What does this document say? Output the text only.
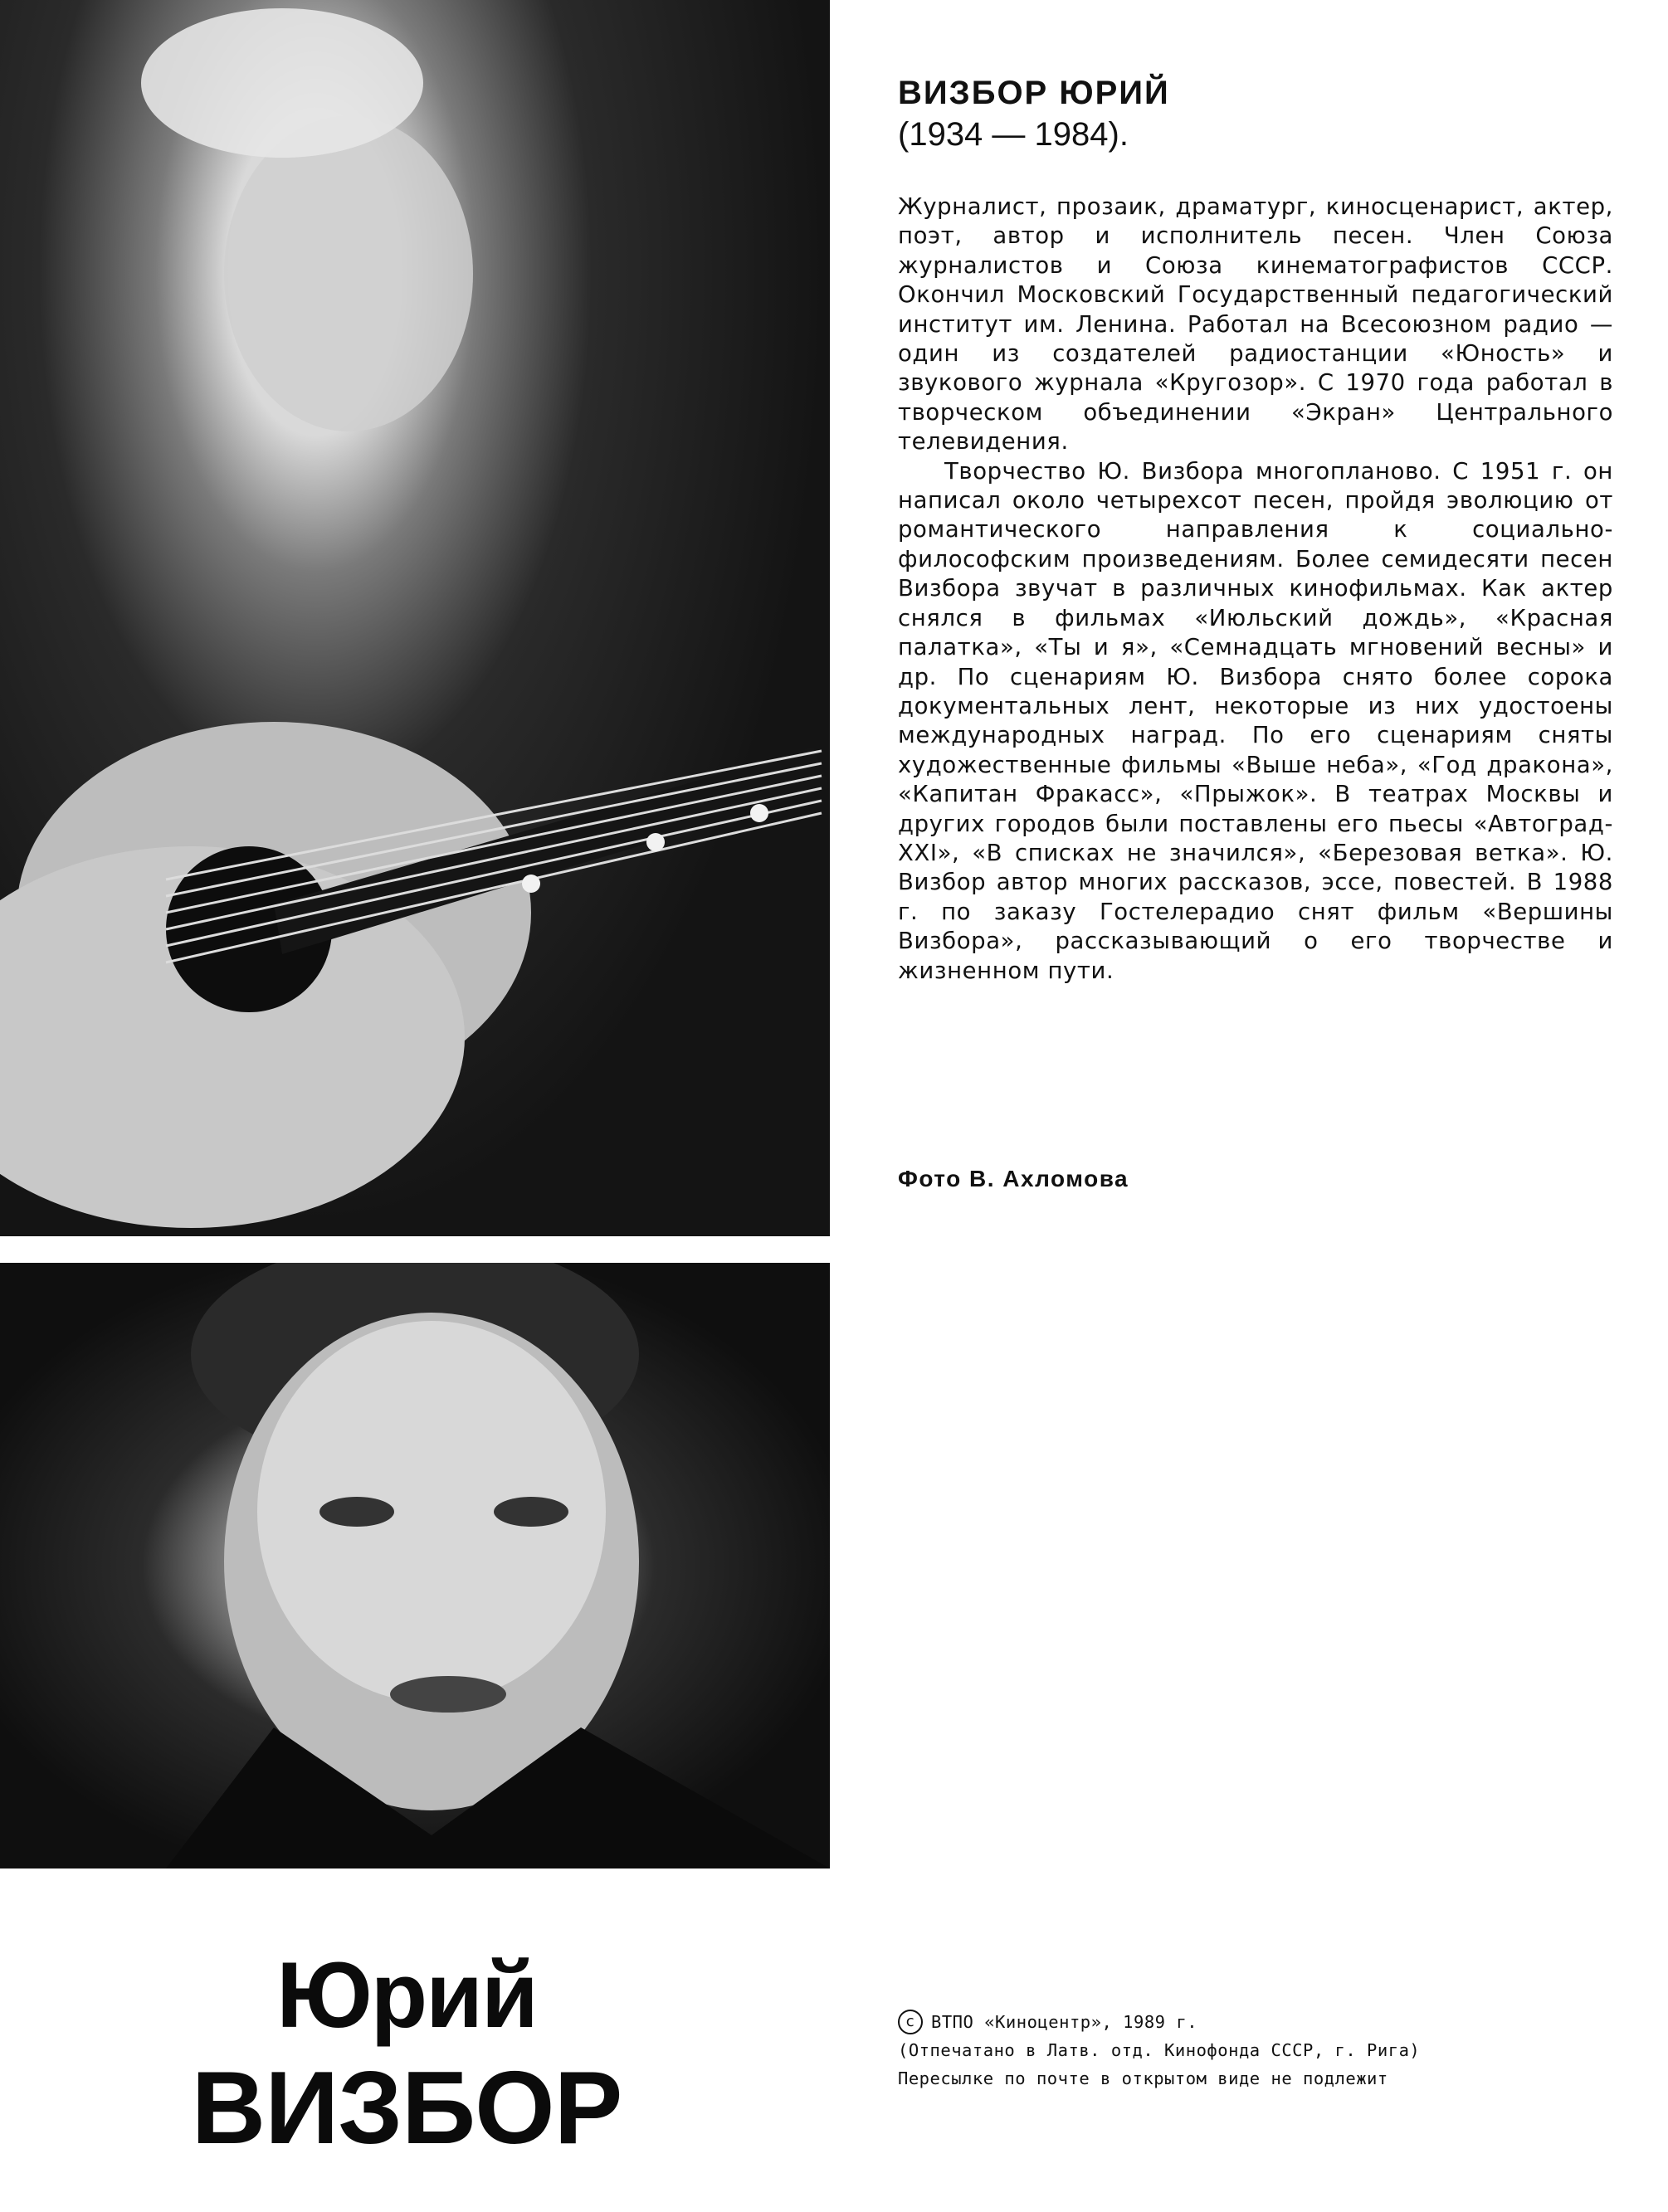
Юрий
ВИЗБОР
ВИЗБОР ЮРИЙ
(1934 — 1984).

Журналист, прозаик, драматург, киносценарист, актер, поэт, автор и исполнитель песен. Член Союза журналистов и Союза кинематографистов СССР. Окончил Московский Государственный педагогический институт им. Ленина. Работал на Всесоюзном радио — один из создателей радиостанции «Юность» и звукового журнала «Кругозор». С 1970 года работал в творческом объединении «Экран» Центрального телевидения.

Творчество Ю. Визбора многопланово. С 1951 г. он написал около четырехсот песен, пройдя эволюцию от романтического направления к социально-философским произведениям. Более семидесяти песен Визбора звучат в различных кинофильмах. Как актер снялся в фильмах «Июльский дождь», «Красная палатка», «Ты и я», «Семнадцать мгновений весны» и др. По сценариям Ю. Визбора снято более сорока документальных лент, некоторые из них удостоены международных наград. По его сценариям сняты художественные фильмы «Выше неба», «Год дракона», «Капитан Фракасс», «Прыжок». В театрах Москвы и других городов были поставлены его пьесы «Автоград-XXI», «В списках не значился», «Березовая ветка». Ю. Визбор автор многих рассказов, эссе, повестей. В 1988 г. по заказу Гостелерадио снят фильм «Вершины Визбора», рассказывающий о его творчестве и жизненном пути.

Фото В. Ахломова
c ВТПО «Киноцентр», 1989 г.
(Отпечатано в Латв. отд. Кинофонда СССР, г. Рига)
Пересылке по почте в открытом виде не подлежит
